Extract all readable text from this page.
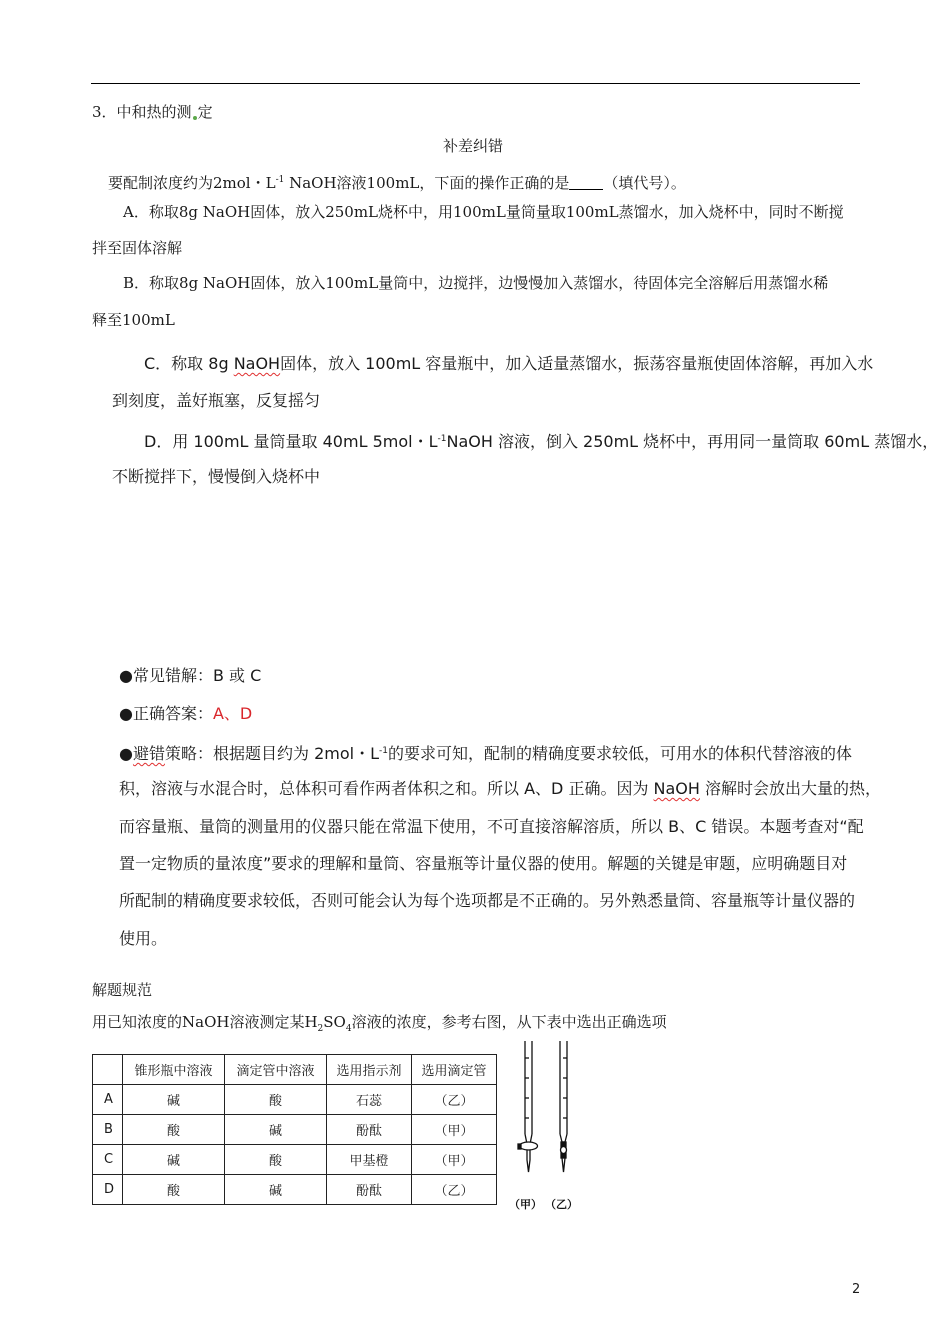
3．中和热的测 定
补差纠错
要配制浓度约为2mol・$L^{-1}$ NaOH溶液100mL，下面的操作正确的是 （填代号）。
A．称取8g NaOH固体，放入250mL烧杯中，用100mL量筒量取100mL蒸馏水，加入烧杯中，同时不断搅
拌至固体溶解
B．称取8g NaOH固体，放入100mL量筒中，边搅拌，边慢慢加入蒸馏水，待固体完全溶解后用蒸馏水稀
释至100mL
C．称取 8g NaOH固体，放入 100mL 容量瓶中，加入适量蒸馏水，振荡容量瓶使固体溶解，再加入水
到刻度，盖好瓶塞，反复摇匀
D．用 100mL 量筒量取 40mL 5mol・$L^{-1}NaOH$ 溶液，倒入 250mL 烧杯中，再用同一量筒取 60mL 蒸馏水，
不断搅拌下，慢慢倒入烧杯中
●常见错解：B 或 C
●正确答案：A、D
●避错策略：根据题目约为 2mol・$L^{-1}$的要求可知，配制的精确度要求较低，可用水的体积代替溶液的体
积，溶液与水混合时，总体积可看作两者体积之和。所以 A、D 正确。因为 NaOH 溶解时会放出大量的热，
而容量瓶、量筒的测量用的仪器只能在常温下使用，不可直接溶解溶质，所以 B、C 错误。本题考查对“配
置一定物质的量浓度”要求的理解和量筒、容量瓶等计量仪器的使用。解题的关键是审题，应明确题目对
所配制的精确度要求较低，否则可能会认为每个选项都是不正确的。另外熟悉量筒、容量瓶等计量仪器的
使用。
解题规范
用已知浓度的NaOH溶液测定某$H_2SO_4$溶液的浓度，参考右图，从下表中选出正确选项
	锥形瓶中溶液	滴定管中溶液	选用指示剂	选用滴定管
A	碱	酸	石蕊	（乙）
B	酸	碱	酚酞	（甲）
C	碱	酸	甲基橙	（甲）
D	酸	碱	酚酞	（乙）
（甲） （乙）
2
